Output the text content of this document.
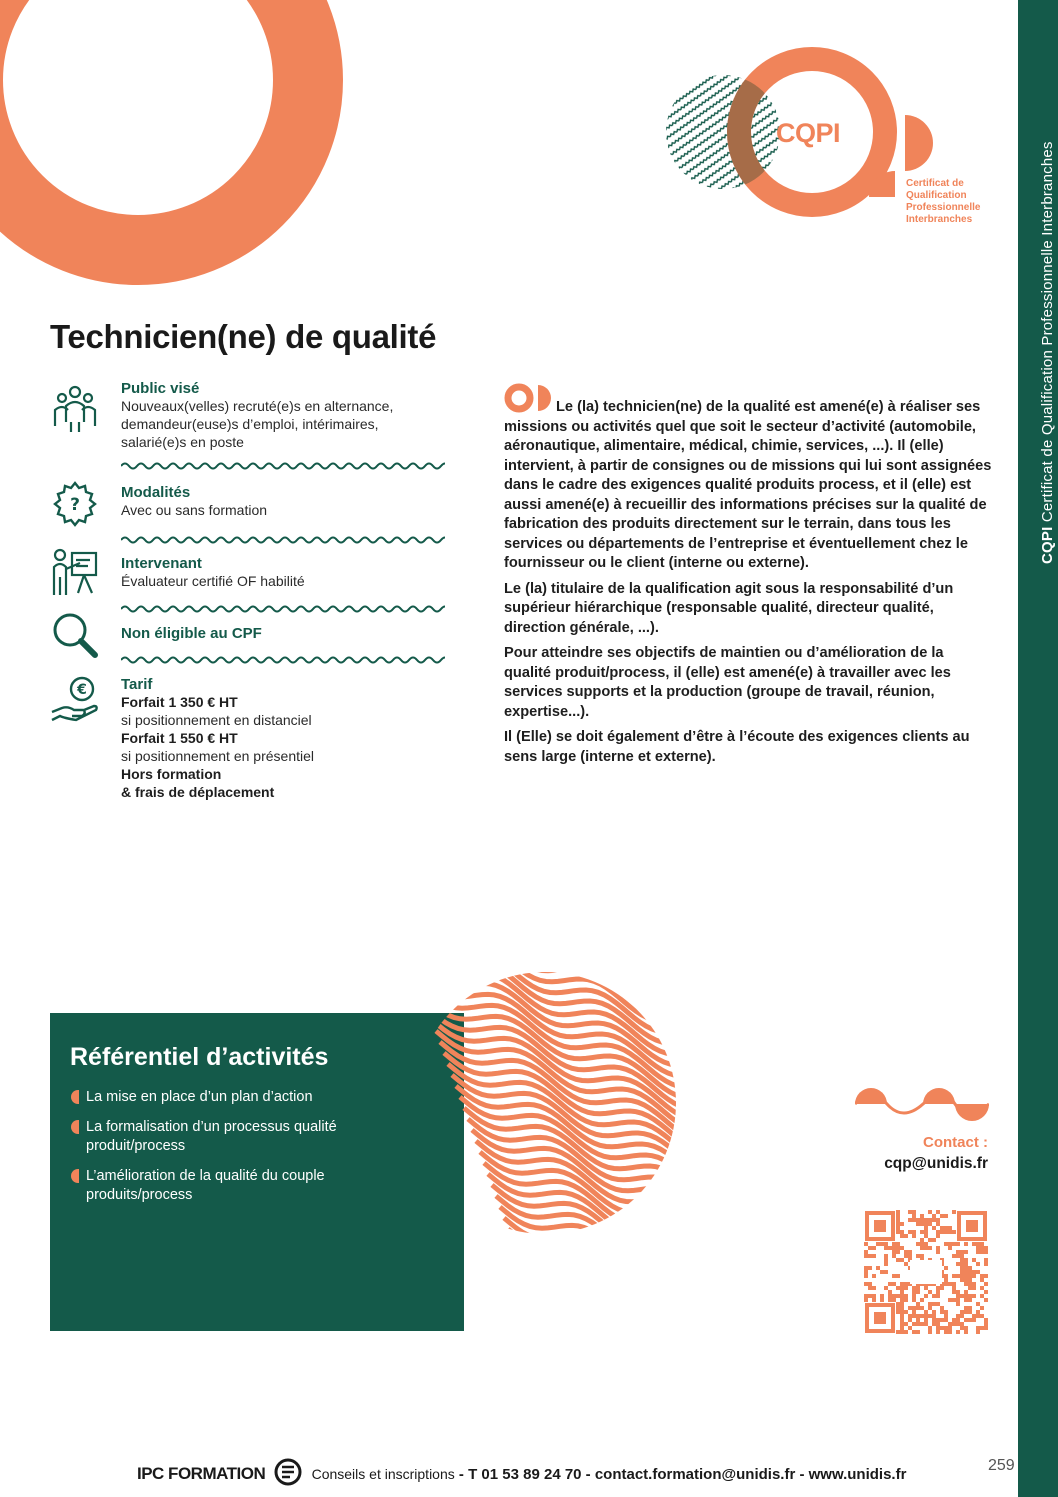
CQPI
Certificat de
Qualification
Professionnelle
Interbranches
CQPI Certificat de Qualification Professionnelle Interbranches
Technicien(ne) de qualité
Public visé
Nouveaux(velles) recruté(e)s en alternance,
demandeur(euse)s d’emploi, intérimaires,
salarié(e)s en poste
?
Modalités
Avec ou sans formation
Intervenant
Évaluateur certifié OF habilité
Non éligible au CPF
€ Tarif
Forfait 1 350 € HT
si positionnement en distanciel
Forfait 1 550 € HT
si positionnement en présentiel
Hors formation
& frais de déplacement

Le (la) technicien(ne) de la qualité est amené(e) à réaliser ses missions ou activités quel que soit le secteur d’activité (automobile, aéronautique, alimentaire, médical, chimie, services, ...). Il (elle) intervient, à partir de consignes ou de missions qui lui sont assignées dans le cadre des exigences qualité produits process, et il (elle) est aussi amené(e) à recueillir des informations précises sur la qualité de fabrication des produits directement sur le terrain, dans tous les services ou départements de l’entreprise et éventuellement chez le fournisseur ou le client (interne ou externe).

Le (la) titulaire de la qualification agit sous la responsabilité d’un supérieur hiérarchique (responsable qualité, directeur qualité, direction générale, ...).

Pour atteindre ses objectifs de maintien ou d’amélioration de la qualité produit/process, il (elle) est amené(e) à travailler avec les services supports et la production (groupe de travail, réunion, expertise...).

Il (Elle) se doit également d’être à l’écoute des exigences clients au sens large (interne et externe).

Référentiel d’activités
La mise en place d’un plan d’action
La formalisation d’un processus qualité produit/process
L’amélioration de la qualité du couple produits/process
Contact :
cqp@unidis.fr
IPC FORMATION	Conseils et inscriptions - T 01 53 89 24 70 - contact.formation@unidis.fr - www.unidis.fr
259
